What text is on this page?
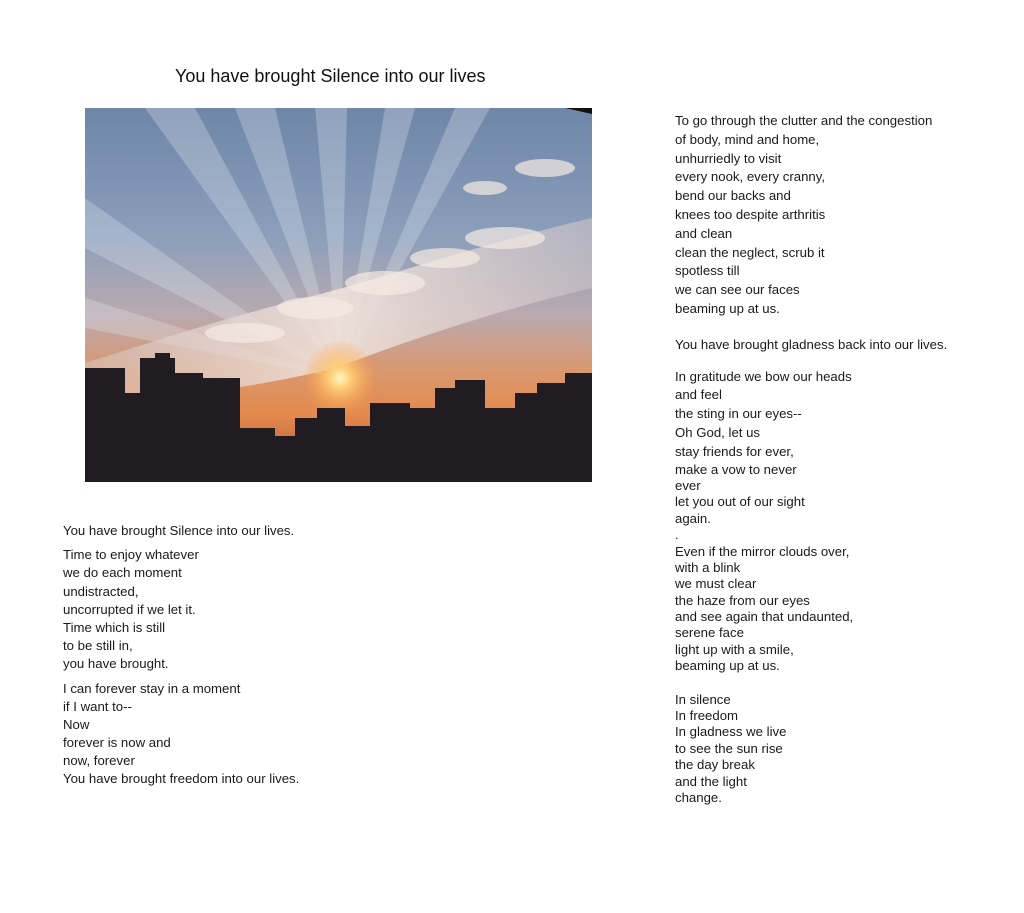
You have brought Silence into our lives
You have brought Silence into our lives.
Time to enjoy whatever
we do each moment
undistracted,
uncorrupted if we let it.
Time which is still
to be still in,
you have brought.
I can forever stay in a moment
if I want to--
Now
forever is now and
now, forever
You have brought freedom into our lives.
To go through the clutter and the congestion
of body, mind and home,
unhurriedly to visit
every nook, every cranny,
bend our backs and
knees too despite arthritis
and clean
clean the neglect, scrub it
spotless till
we can see our faces
beaming up at us.
You have brought gladness back into our lives.
In gratitude we bow our heads
and feel
the sting in our eyes--
Oh God, let us
stay friends for ever,
make a vow to never
ever
let you out of our sight
again.
.
Even if the mirror clouds over,
with a blink
we must clear
the haze from our eyes
and see again that undaunted,
serene face
light up with a smile,
beaming up at us.
In silence
In freedom
In gladness we live
to see the sun rise
the day break
and the light
change.
